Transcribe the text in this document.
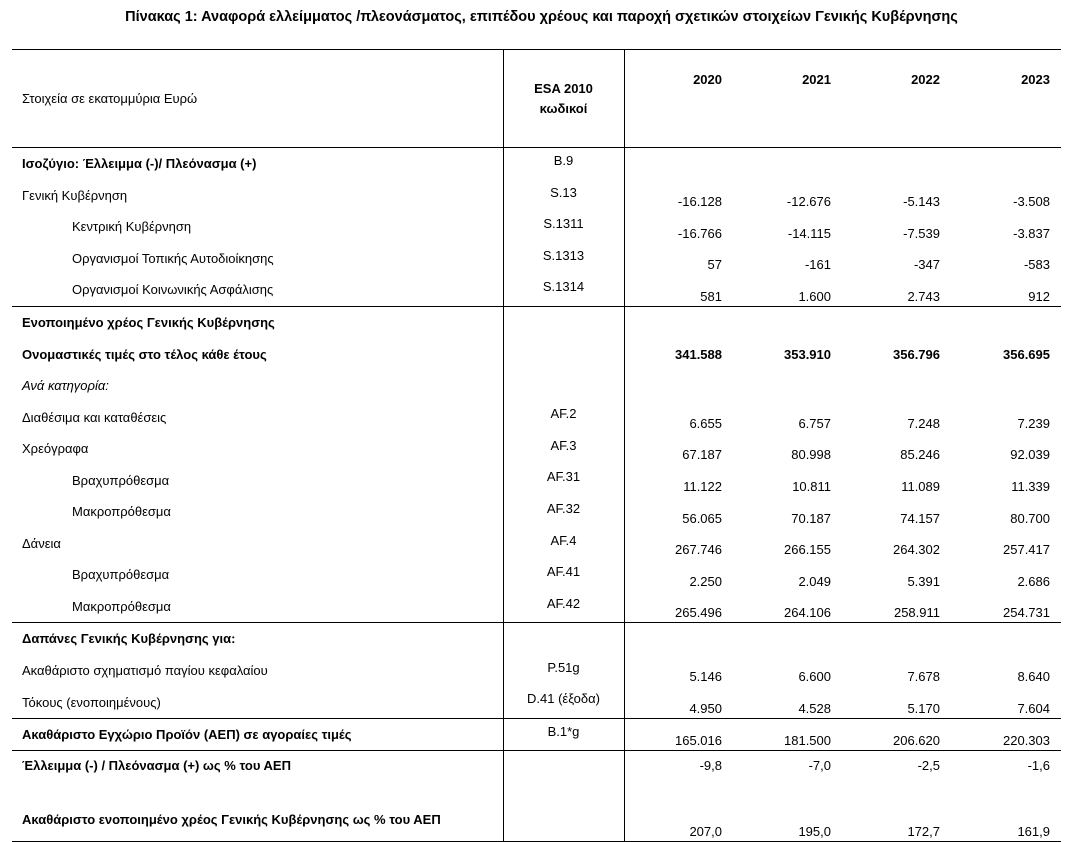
Πίνακας 1: Αναφορά ελλείμματος /πλεονάσματος, επιπέδου χρέους και παροχή σχετικών στοιχείων Γενικής Κυβέρνησης
Στοιχεία σε εκατομμύρια Ευρώ	ESA 2010
κωδικοί	2020	2021	2022	2023
Ισοζύγιο: Έλλειμμα (-)/ Πλεόνασμα (+)	B.9				
Γενική Κυβέρνηση	S.13	-16.128	-12.676	-5.143	-3.508
Κεντρική Κυβέρνηση	S.1311	-16.766	-14.115	-7.539	-3.837
Οργανισμοί Τοπικής Αυτοδιοίκησης	S.1313	57	-161	-347	-583
Οργανισμοί Κοινωνικής Ασφάλισης	S.1314	581	1.600	2.743	912
Ενοποιημένο χρέος Γενικής Κυβέρνησης					
Ονομαστικές τιμές στο τέλος κάθε έτους		341.588	353.910	356.796	356.695
Ανά κατηγορία:					
Διαθέσιμα και καταθέσεις	AF.2	6.655	6.757	7.248	7.239
Χρεόγραφα	AF.3	67.187	80.998	85.246	92.039
Βραχυπρόθεσμα	AF.31	11.122	10.811	11.089	11.339
Μακροπρόθεσμα	AF.32	56.065	70.187	74.157	80.700
Δάνεια	AF.4	267.746	266.155	264.302	257.417
Βραχυπρόθεσμα	AF.41	2.250	2.049	5.391	2.686
Μακροπρόθεσμα	AF.42	265.496	264.106	258.911	254.731
Δαπάνες Γενικής Κυβέρνησης για:					
Ακαθάριστο σχηματισμό παγίου κεφαλαίου	P.51g	5.146	6.600	7.678	8.640
Τόκους (ενοποιημένους)	D.41 (έξοδα)	4.950	4.528	5.170	7.604
Ακαθάριστο Εγχώριο Προϊόν (ΑΕΠ) σε αγοραίες τιμές	B.1*g	165.016	181.500	206.620	220.303
Έλλειμμα (-) / Πλεόνασμα (+) ως % του ΑΕΠ		-9,8	-7,0	-2,5	-1,6
Ακαθάριστο ενοποιημένο χρέος Γενικής Κυβέρνησης ως % του ΑΕΠ		207,0	195,0	172,7	161,9
